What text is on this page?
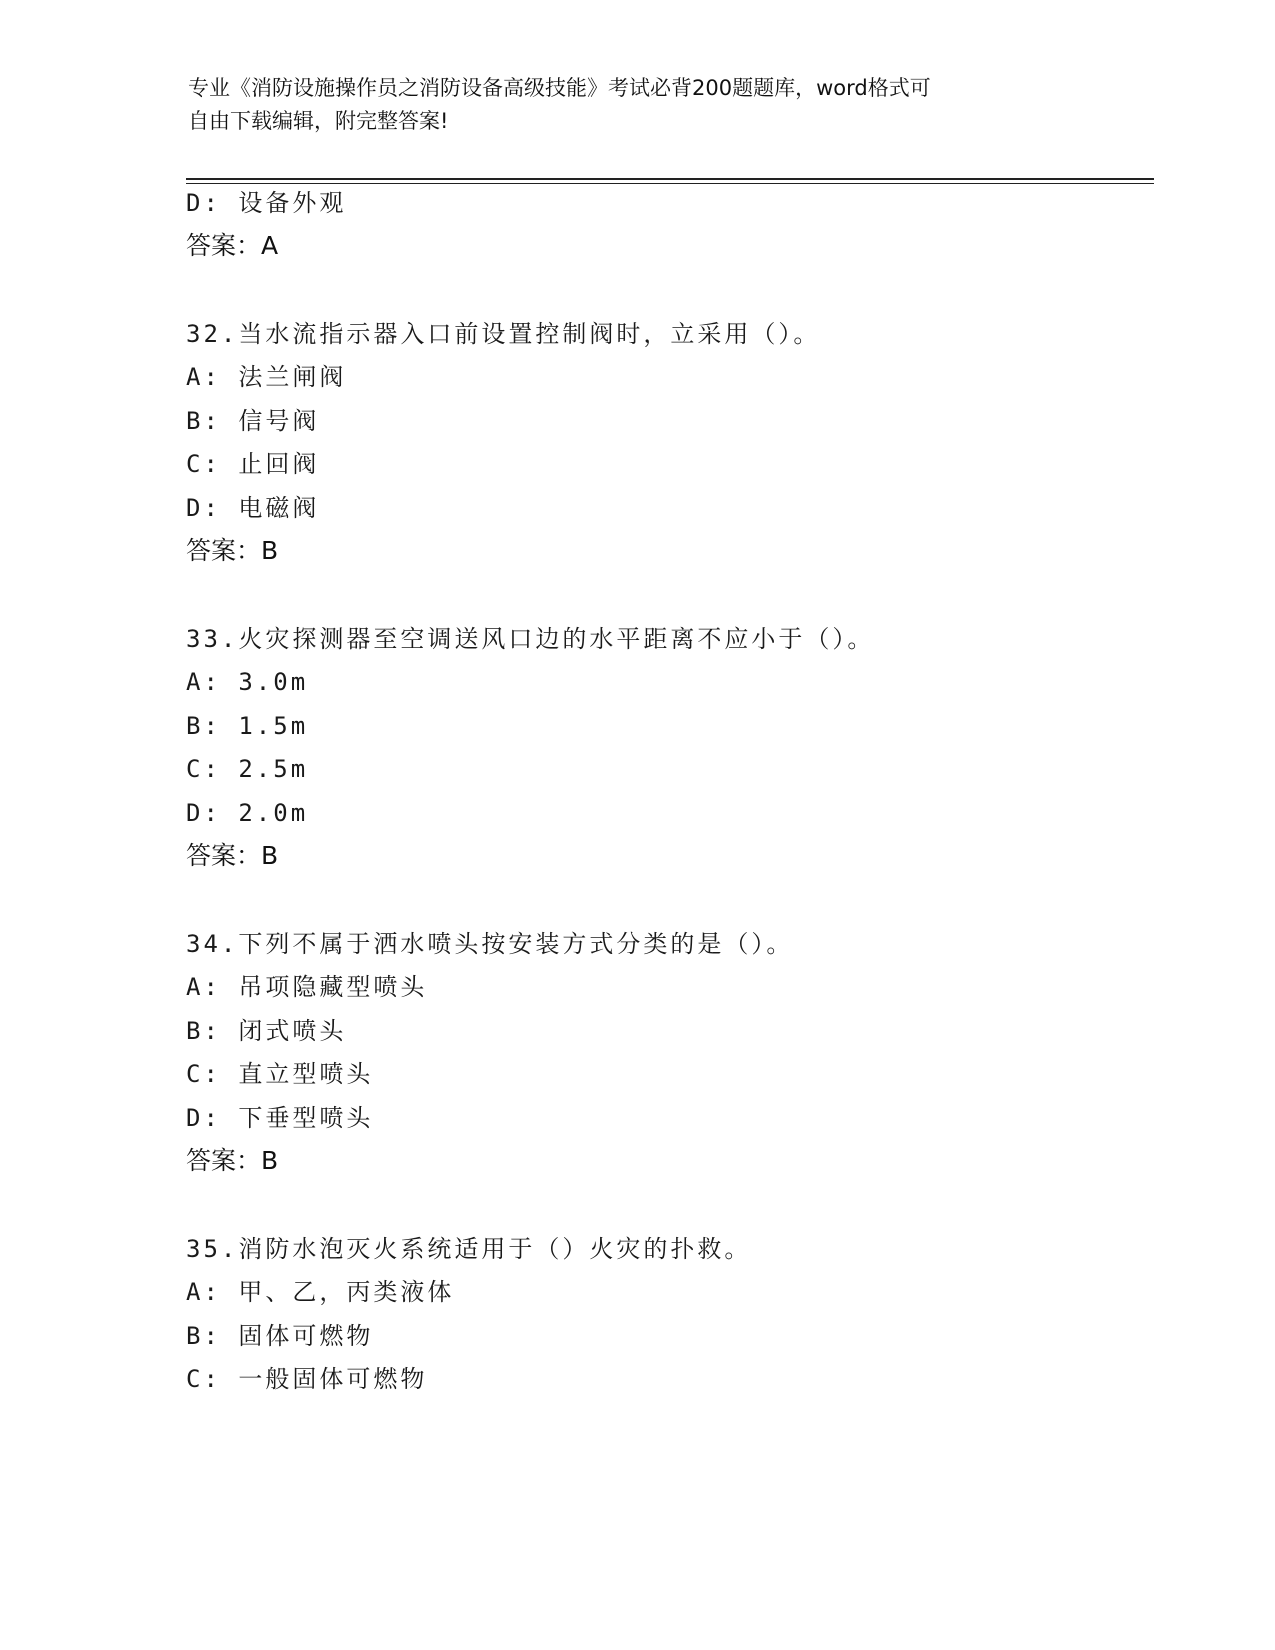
专业《消防设施操作员之消防设备高级技能》考试必背200题题库，word格式可
自由下载编辑，附完整答案!
D: 设备外观
答案：A
32.当水流指示器入口前设置控制阀时，立采用（）。
A: 法兰闸阀
B: 信号阀
C: 止回阀
D: 电磁阀
答案：B
33.火灾探测器至空调送风口边的水平距离不应小于（）。
A: 3.0m
B: 1.5m
C: 2.5m
D: 2.0m
答案：B
34.下列不属于洒水喷头按安装方式分类的是（）。
A: 吊项隐藏型喷头
B: 闭式喷头
C: 直立型喷头
D: 下垂型喷头
答案：B
35.消防水泡灭火系统适用于（）火灾的扑救。
A: 甲、乙，丙类液体
B: 固体可燃物
C: 一般固体可燃物
